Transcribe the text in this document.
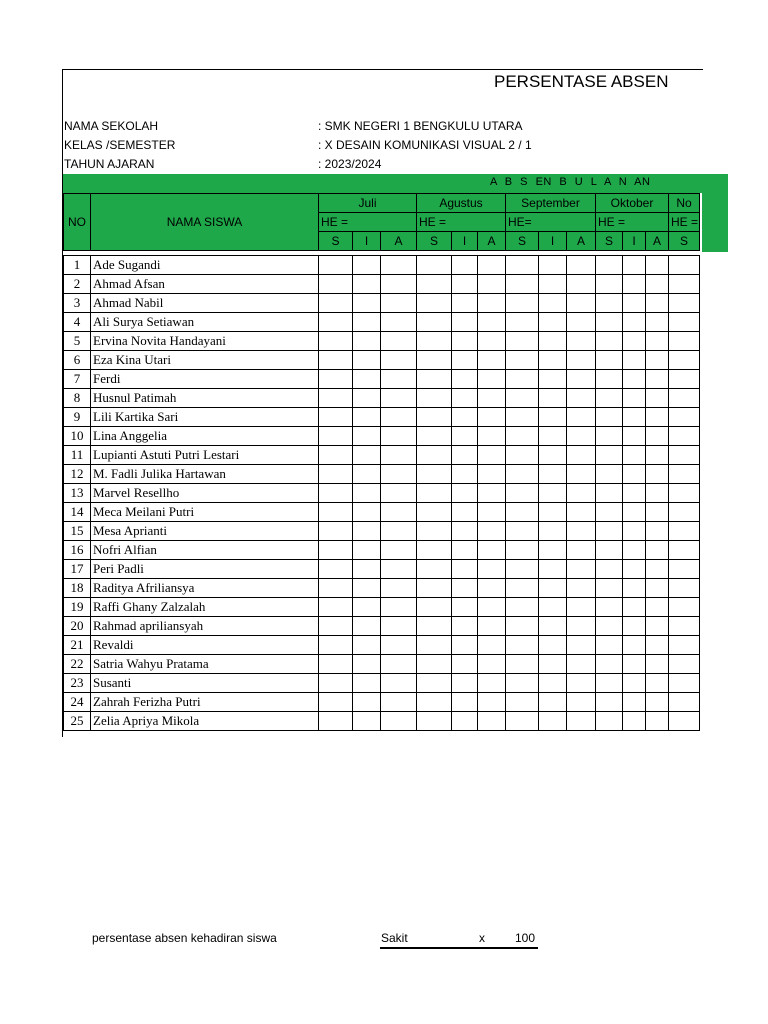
PERSENTASE ABSEN
NAMA SEKOLAH	: SMK NEGERI 1 BENGKULU UTARA
KELAS /SEMESTER	: X DESAIN KOMUNIKASI VISUAL 2 / 1
TAHUN AJARAN	: 2023/2024
A B S EN B U L A N AN
NO	NAMA SISWA	Juli			Agustus			September			Oktober			No
		HE =			HE =			HE=			HE =			HE =
		S	I	A	S	I	A	S	I	A	S	I	A	S

1	Ade Sugandi													
2	Ahmad Afsan													
3	Ahmad Nabil													
4	Ali Surya Setiawan													
5	Ervina Novita Handayani													
6	Eza Kina Utari													
7	Ferdi													
8	Husnul Patimah													
9	Lili Kartika Sari													
10	Lina Anggelia													
11	Lupianti Astuti Putri Lestari													
12	M. Fadli Julika Hartawan													
13	Marvel Resellho													
14	Meca Meilani Putri													
15	Mesa Aprianti													
16	Nofri Alfian													
17	Peri Padli													
18	Raditya Afriliansya													
19	Raffi Ghany Zalzalah													
20	Rahmad apriliansyah													
21	Revaldi													
22	Satria Wahyu Pratama													
23	Susanti													
24	Zahrah Ferizha Putri													
25	Zelia Apriya Mikola													
persentase absen kehadiran siswa	Sakit	x	100
